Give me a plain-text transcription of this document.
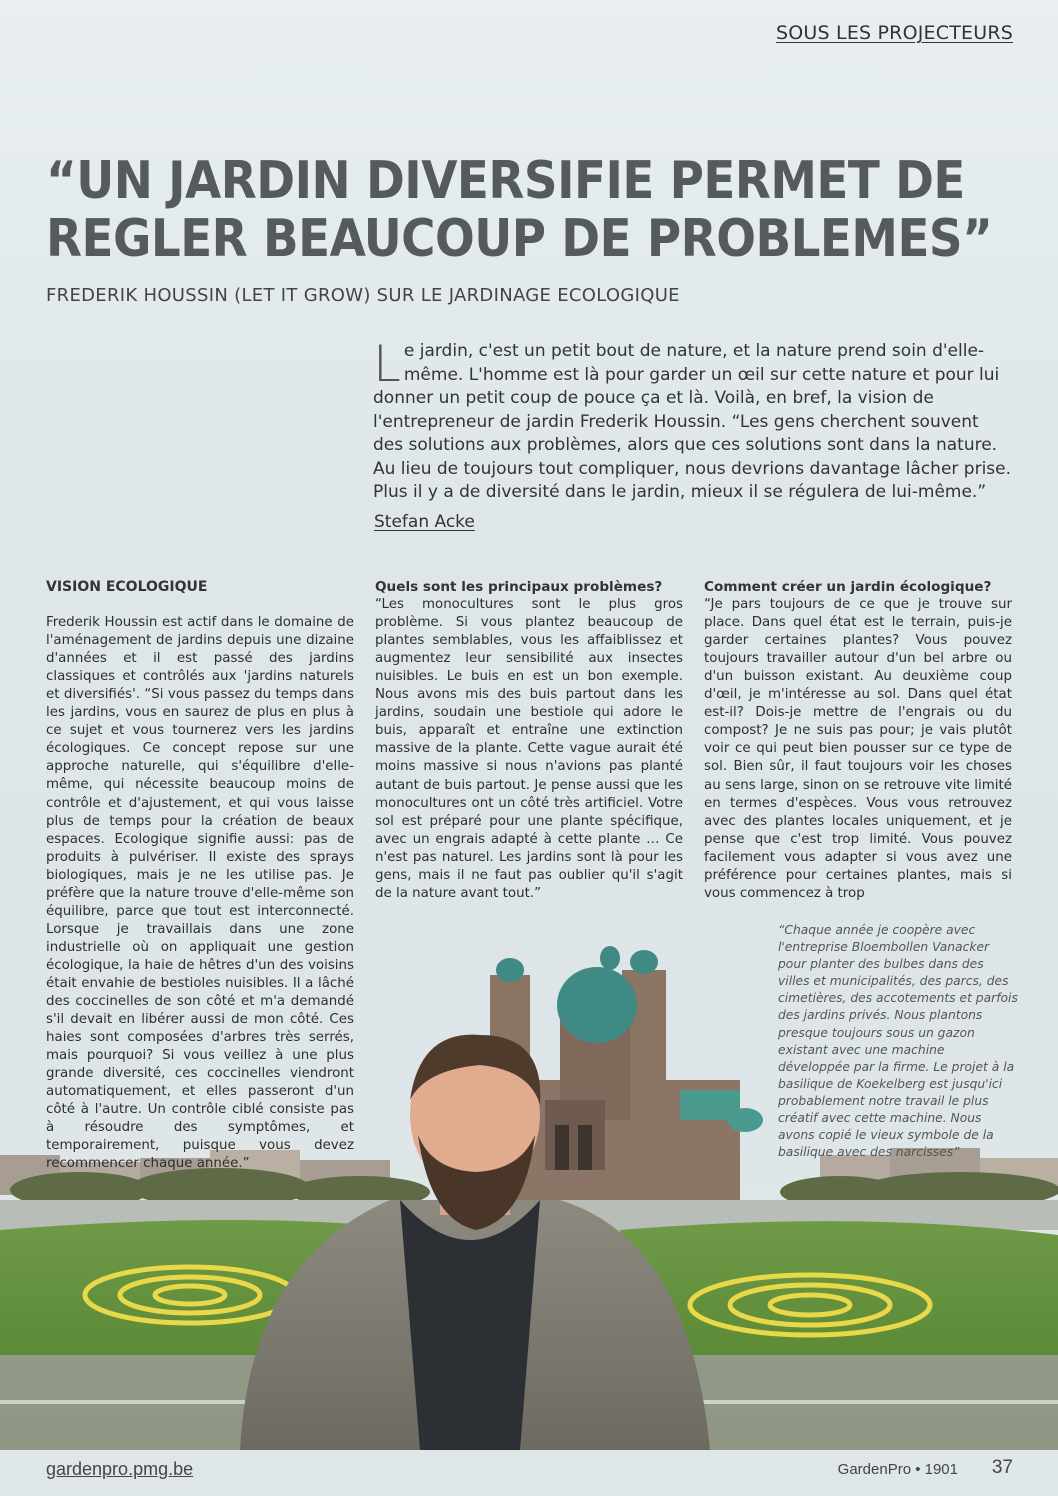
SOUS LES PROJECTEURS
“UN JARDIN DIVERSIFIE PERMET DE REGLER BEAUCOUP DE PROBLEMES”
FREDERIK HOUSSIN (LET IT GROW) SUR LE JARDINAGE ECOLOGIQUE

Le jardin, c'est un petit bout de nature, et la nature prend soin d'elle-même. L'homme est là pour garder un œil sur cette nature et pour lui donner un petit coup de pouce ça et là. Voilà, en bref, la vision de l'entrepreneur de jardin Frederik Houssin. “Les gens cherchent souvent des solutions aux problèmes, alors que ces solutions sont dans la nature. Au lieu de toujours tout compliquer, nous devrions davantage lâcher prise. Plus il y a de diversité dans le jardin, mieux il se régulera de lui-même.”

Stefan Acke
VISION ECOLOGIQUE

Frederik Houssin est actif dans le domaine de l'aménagement de jardins depuis une dizaine d'années et il est passé des jardins classiques et contrôlés aux 'jardins naturels et diversifiés'. “Si vous passez du temps dans les jardins, vous en saurez de plus en plus à ce sujet et vous tournerez vers les jardins écologiques. Ce concept repose sur une approche naturelle, qui s'équilibre d'elle-même, qui nécessite beaucoup moins de contrôle et d'ajustement, et qui vous laisse plus de temps pour la création de beaux espaces. Ecologique signifie aussi: pas de produits à pulvériser. Il existe des sprays biologiques, mais je ne les utilise pas. Je préfère que la nature trouve d'elle-même son équilibre, parce que tout est interconnecté. Lorsque je travaillais dans une zone industrielle où on appliquait une gestion écologique, la haie de hêtres d'un des voisins était envahie de bestioles nuisibles. Il a lâché des coccinelles de son côté et m'a demandé s'il devait en libérer aussi de mon côté. Ces haies sont composées d'arbres très serrés, mais pourquoi? Si vous veillez à une plus grande diversité, ces coccinelles viendront automatiquement, et elles passeront d'un côté à l'autre. Un contrôle ciblé consiste pas à résoudre des symptômes, et temporairement, puisque vous devez recommencer chaque année.”

Quels sont les principaux problèmes?

“Les monocultures sont le plus gros problème. Si vous plantez beaucoup de plantes semblables, vous les affaiblissez et augmentez leur sensibilité aux insectes nuisibles. Le buis en est un bon exemple. Nous avons mis des buis partout dans les jardins, soudain une bestiole qui adore le buis, apparaît et entraîne une extinction massive de la plante. Cette vague aurait été moins massive si nous n'avions pas planté autant de buis partout. Je pense aussi que les monocultures ont un côté très artificiel. Votre sol est préparé pour une plante spécifique, avec un engrais adapté à cette plante … Ce n'est pas naturel. Les jardins sont là pour les gens, mais il ne faut pas oublier qu'il s'agit de la nature avant tout.”

Comment créer un jardin écologique?

“Je pars toujours de ce que je trouve sur place. Dans quel état est le terrain, puis-je garder certaines plantes? Vous pouvez toujours travailler autour d'un bel arbre ou d'un buisson existant. Au deuxième coup d'œil, je m'intéresse au sol. Dans quel état est-il? Dois-je mettre de l'engrais ou du compost? Je ne suis pas pour; je vais plutôt voir ce qui peut bien pousser sur ce type de sol. Bien sûr, il faut toujours voir les choses au sens large, sinon on se retrouve vite limité en termes d'espèces. Vous vous retrouvez avec des plantes locales uniquement, et je pense que c'est trop limité. Vous pouvez facilement vous adapter si vous avez une préférence pour certaines plantes, mais si vous commencez à trop

“Chaque année je coopère avec l'entreprise Bloembollen Vanacker pour planter des bulbes dans des villes et municipalités, des parcs, des cimetières, des accotements et parfois des jardins privés. Nous plantons presque toujours sous un gazon existant avec une machine développée par la firme. Le projet à la basilique de Koekelberg est jusqu'ici probablement notre travail le plus créatif avec cette machine. Nous avons copié le vieux symbole de la basilique avec des narcisses”

gardenpro.pmg.be	GardenPro • 1901 37
